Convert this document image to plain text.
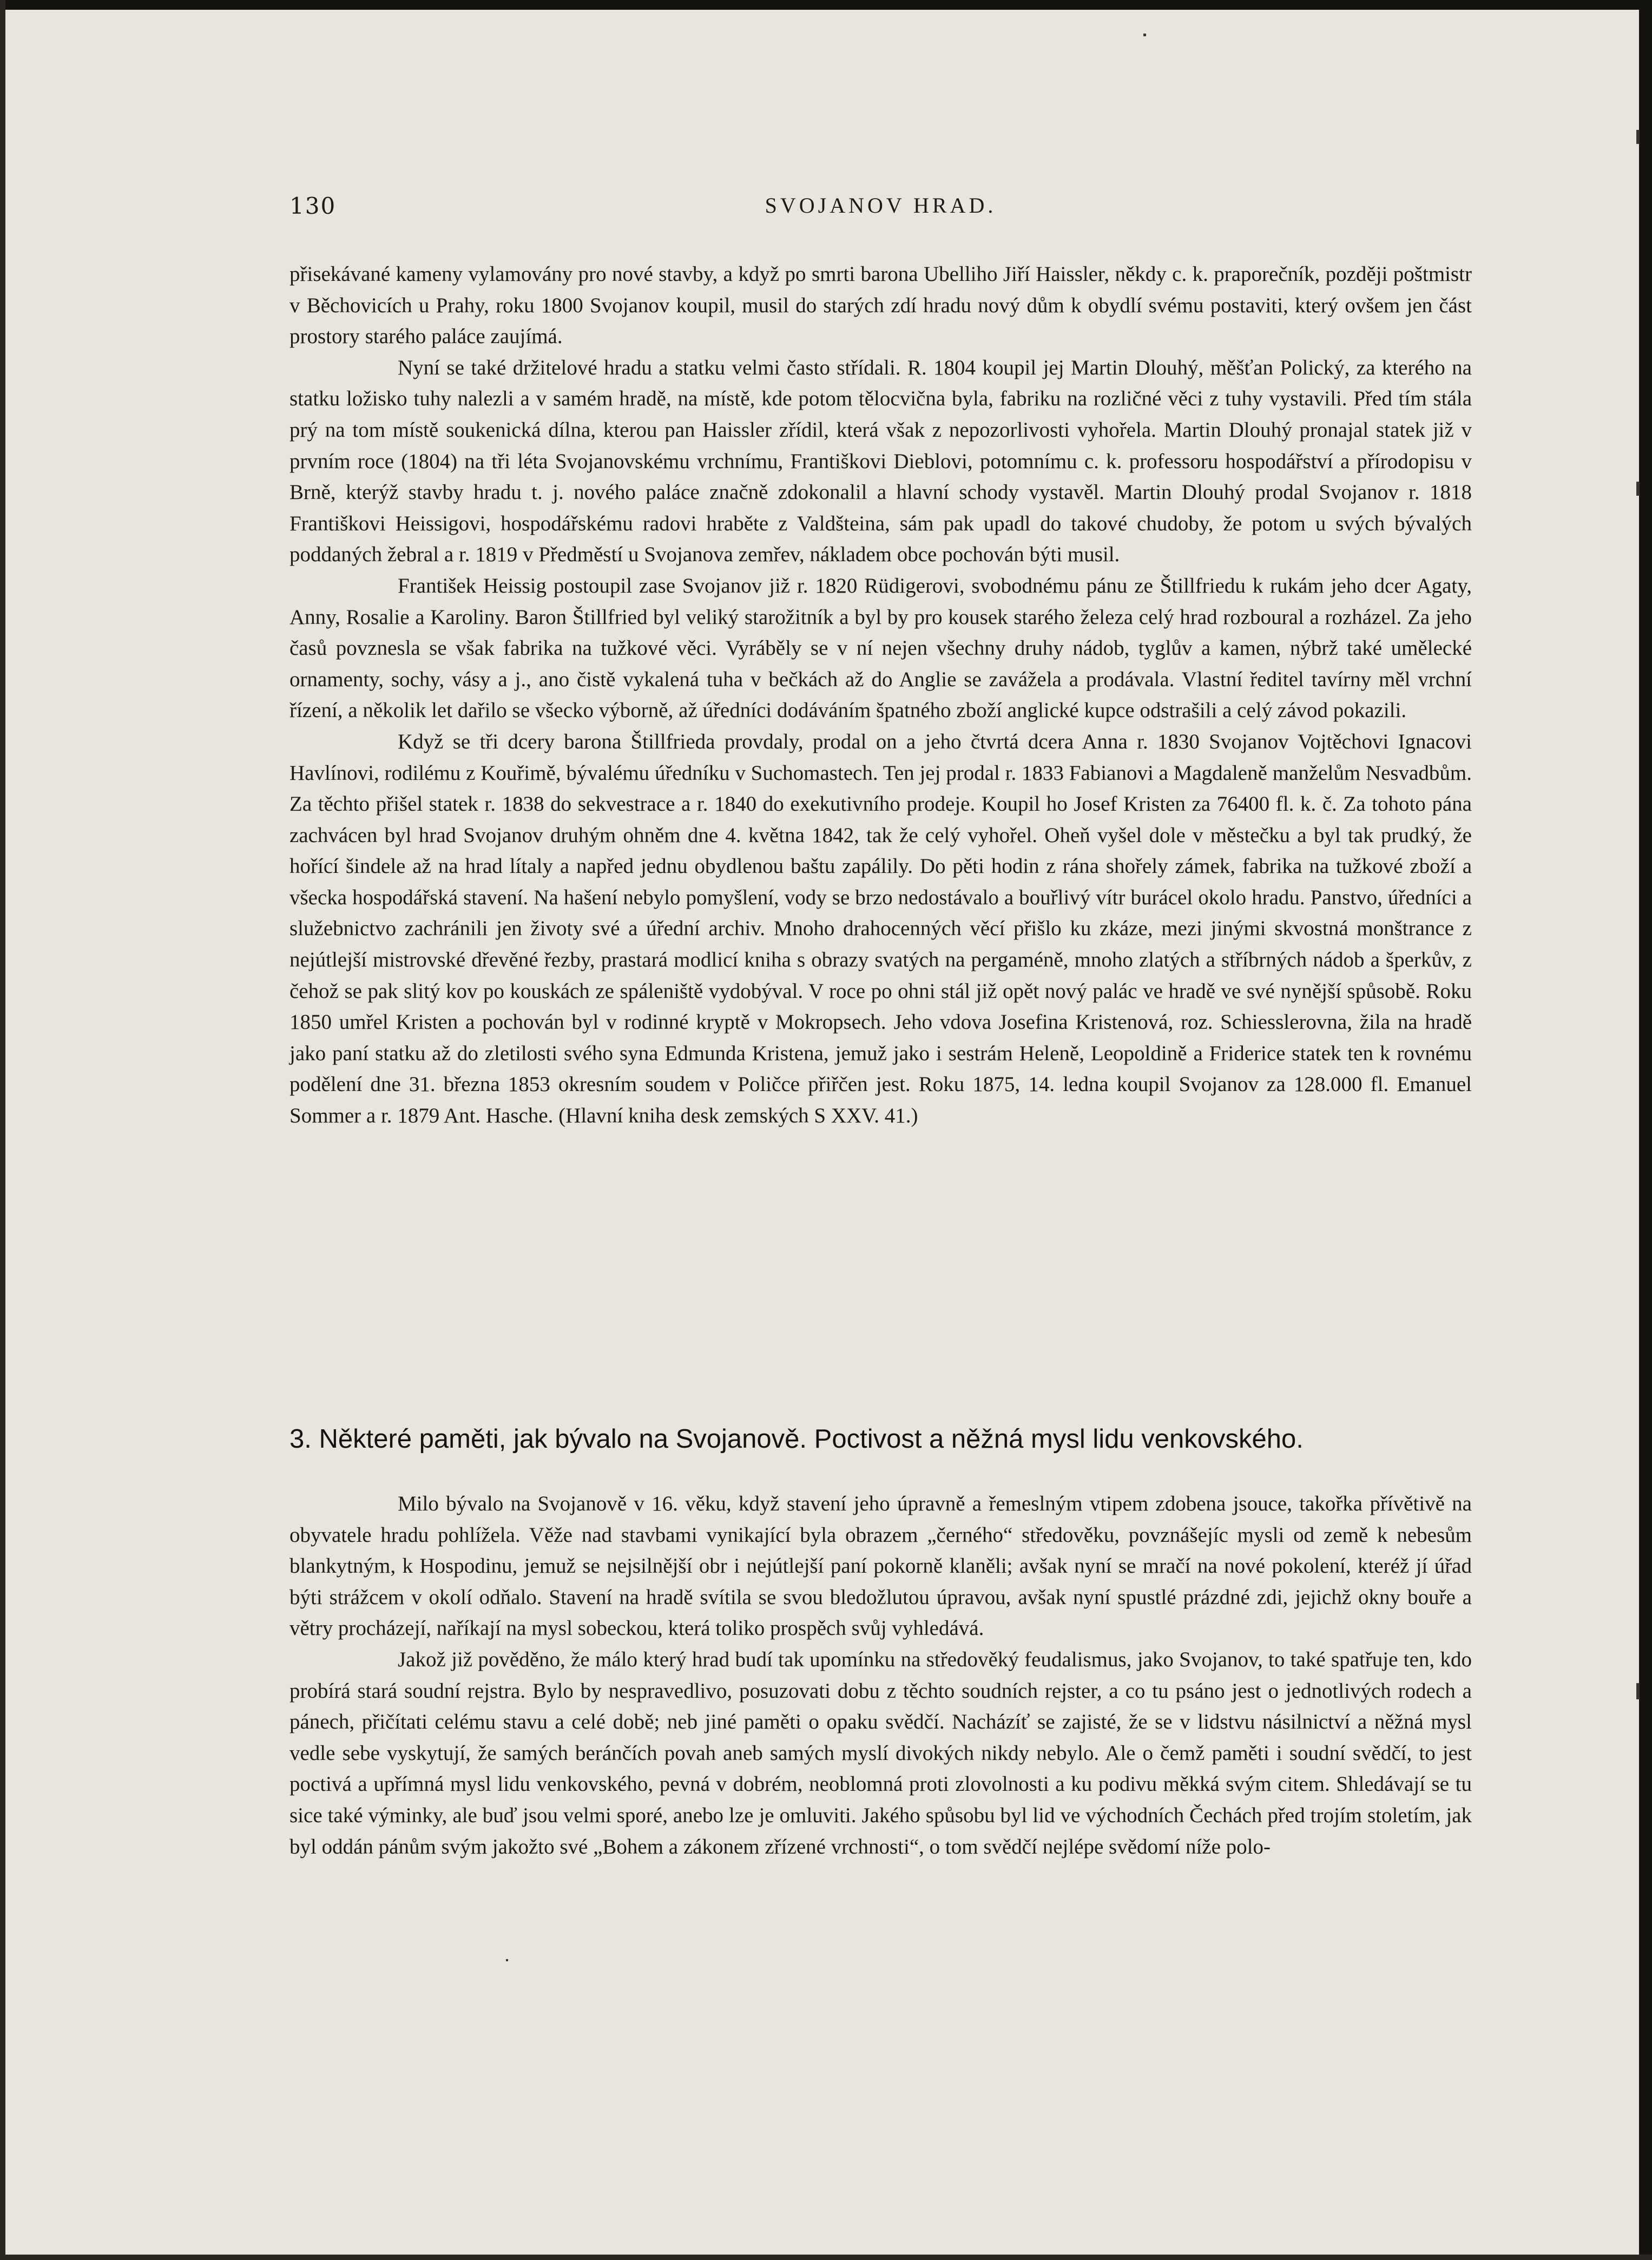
130	SVOJANOV HRAD.

přisekávané kameny vylamovány pro nové stavby, a když po smrti barona Ubelliho Jiří Haissler, někdy c. k. praporečník, později poštmistr v Běchovicích u Prahy, roku 1800 Svojanov koupil, musil do starých zdí hradu nový dům k obydlí svému postaviti, který ovšem jen část prostory starého paláce zaujímá.

Nyní se také držitelové hradu a statku velmi často střídali. R. 1804 koupil jej Martin Dlouhý, měšťan Polický, za kterého na statku ložisko tuhy nalezli a v samém hradě, na místě, kde potom tělocvična byla, fabriku na rozličné věci z tuhy vystavili. Před tím stála prý na tom místě soukenická dílna, kterou pan Haissler zřídil, která však z nepozorlivosti vyhořela. Martin Dlouhý pronajal statek již v prvním roce (1804) na tři léta Svojanovskému vrchnímu, Františkovi Dieblovi, potomnímu c. k. professoru hospodářství a přírodopisu v Brně, kterýž stavby hradu t. j. nového paláce značně zdokonalil a hlavní schody vystavěl. Martin Dlouhý prodal Svojanov r. 1818 Františkovi Heissigovi, hospodářskému radovi hraběte z Valdšteina, sám pak upadl do takové chudoby, že potom u svých bývalých poddaných žebral a r. 1819 v Předměstí u Svojanova zemřev, nákladem obce pochován býti musil.

František Heissig postoupil zase Svojanov již r. 1820 Rüdigerovi, svobodnému pánu ze Štillfriedu k rukám jeho dcer Agaty, Anny, Rosalie a Karoliny. Baron Štillfried byl veliký starožitník a byl by pro kousek starého železa celý hrad rozboural a rozházel. Za jeho časů povznesla se však fabrika na tužkové věci. Vyráběly se v ní nejen všechny druhy nádob, tyglův a kamen, nýbrž také umělecké ornamenty, sochy, vásy a j., ano čistě vykalená tuha v bečkách až do Anglie se zavážela a prodávala. Vlastní ředitel tavírny měl vrchní řízení, a několik let dařilo se všecko výborně, až úředníci dodáváním špatného zboží anglické kupce odstrašili a celý závod pokazili.

Když se tři dcery barona Štillfrieda provdaly, prodal on a jeho čtvrtá dcera Anna r. 1830 Svojanov Vojtěchovi Ignacovi Havlínovi, rodilému z Kouřimě, bývalému úředníku v Suchomastech. Ten jej prodal r. 1833 Fabianovi a Magdaleně manželům Nesvadbům. Za těchto přišel statek r. 1838 do sekvestrace a r. 1840 do exekutivního prodeje. Koupil ho Josef Kristen za 76400 fl. k. č. Za tohoto pána zachvácen byl hrad Svojanov druhým ohněm dne 4. května 1842, tak že celý vyhořel. Oheň vyšel dole v městečku a byl tak prudký, že hořící šindele až na hrad lítaly a napřed jednu obydlenou baštu zapálily. Do pěti hodin z rána shořely zámek, fabrika na tužkové zboží a všecka hospodářská stavení. Na hašení nebylo pomyšlení, vody se brzo nedostávalo a bouřlivý vítr burácel okolo hradu. Panstvo, úředníci a služebnictvo zachránili jen životy své a úřední archiv. Mnoho drahocenných věcí přišlo ku zkáze, mezi jinými skvostná monštrance z nejútlejší mistrovské dřevěné řezby, prastará modlicí kniha s obrazy svatých na pergaméně, mnoho zlatých a stříbrných nádob a šperkův, z čehož se pak slitý kov po kouskách ze spáleniště vydobýval. V roce po ohni stál již opět nový palác ve hradě ve své nynější spůsobě. Roku 1850 umřel Kristen a pochován byl v rodinné kryptě v Mokropsech. Jeho vdova Josefina Kristenová, roz. Schiesslerovna, žila na hradě jako paní statku až do zletilosti svého syna Edmunda Kristena, jemuž jako i sestrám Heleně, Leopoldině a Friderice statek ten k rovnému podělení dne 31. března 1853 okresním soudem v Poličce přiřčen jest. Roku 1875, 14. ledna koupil Svojanov za 128.000 fl. Emanuel Sommer a r. 1879 Ant. Hasche. (Hlavní kniha desk zemských S XXV. 41.)

3. Některé paměti, jak bývalo na Svojanově. Poctivost a něžná mysl lidu venkovského.

Milo bývalo na Svojanově v 16. věku, když stavení jeho úpravně a řemeslným vtipem zdobena jsouce, takořka přívětivě na obyvatele hradu pohlížela. Věže nad stavbami vynikající byla obrazem „černého“ středověku, povznášejíc mysli od země k nebesům blankytným, k Hospodinu, jemuž se nejsilnější obr i nejútlejší paní pokorně klaněli; avšak nyní se mračí na nové pokolení, kteréž jí úřad býti strážcem v okolí odňalo. Stavení na hradě svítila se svou bledožlutou úpravou, avšak nyní spustlé prázdné zdi, jejichž okny bouře a větry procházejí, naříkají na mysl sobeckou, která toliko prospěch svůj vyhledává.

Jakož již pověděno, že málo který hrad budí tak upomínku na středověký feudalismus, jako Svojanov, to také spatřuje ten, kdo probírá stará soudní rejstra. Bylo by nespravedlivo, posuzovati dobu z těchto soudních rejster, a co tu psáno jest o jednotlivých rodech a pánech, přičítati celému stavu a celé době; neb jiné paměti o opaku svědčí. Nacházíť se zajisté, že se v lidstvu násilnictví a něžná mysl vedle sebe vyskytují, že samých beránčích povah aneb samých myslí divokých nikdy nebylo. Ale o čemž paměti i soudní svědčí, to jest poctivá a upřímná mysl lidu venkovského, pevná v dobrém, neoblomná proti zlovolnosti a ku podivu měkká svým citem. Shledávají se tu sice také výminky, ale buď jsou velmi sporé, anebo lze je omluviti. Jakého spůsobu byl lid ve východních Čechách před trojím stoletím, jak byl oddán pánům svým jakožto své „Bohem a zákonem zřízené vrchnosti“, o tom svědčí nejlépe svědomí níže polo-
